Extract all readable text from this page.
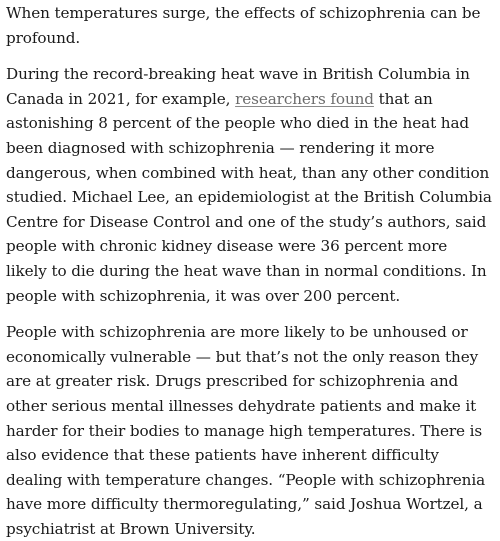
When temperatures surge, the effects of schizophrenia can be profound.

During the record-breaking heat wave in British Columbia in Canada in 2021, for example, researchers found that an astonishing 8 percent of the people who died in the heat had been diagnosed with schizophrenia — rendering it more dangerous, when combined with heat, than any other condition studied. Michael Lee, an epidemiologist at the British Columbia Centre for Disease Control and one of the study’s authors, said people with chronic kidney disease were 36 percent more likely to die during the heat wave than in normal conditions. In people with schizophrenia, it was over 200 percent.

People with schizophrenia are more likely to be unhoused or economically vulnerable — but that’s not the only reason they are at greater risk. Drugs prescribed for schizophrenia and other serious mental illnesses dehydrate patients and make it harder for their bodies to manage high temperatures. There is also evidence that these patients have inherent difficulty dealing with temperature changes. “People with schizophrenia have more difficulty thermoregulating,” said Joshua Wortzel, a psychiatrist at Brown University.
